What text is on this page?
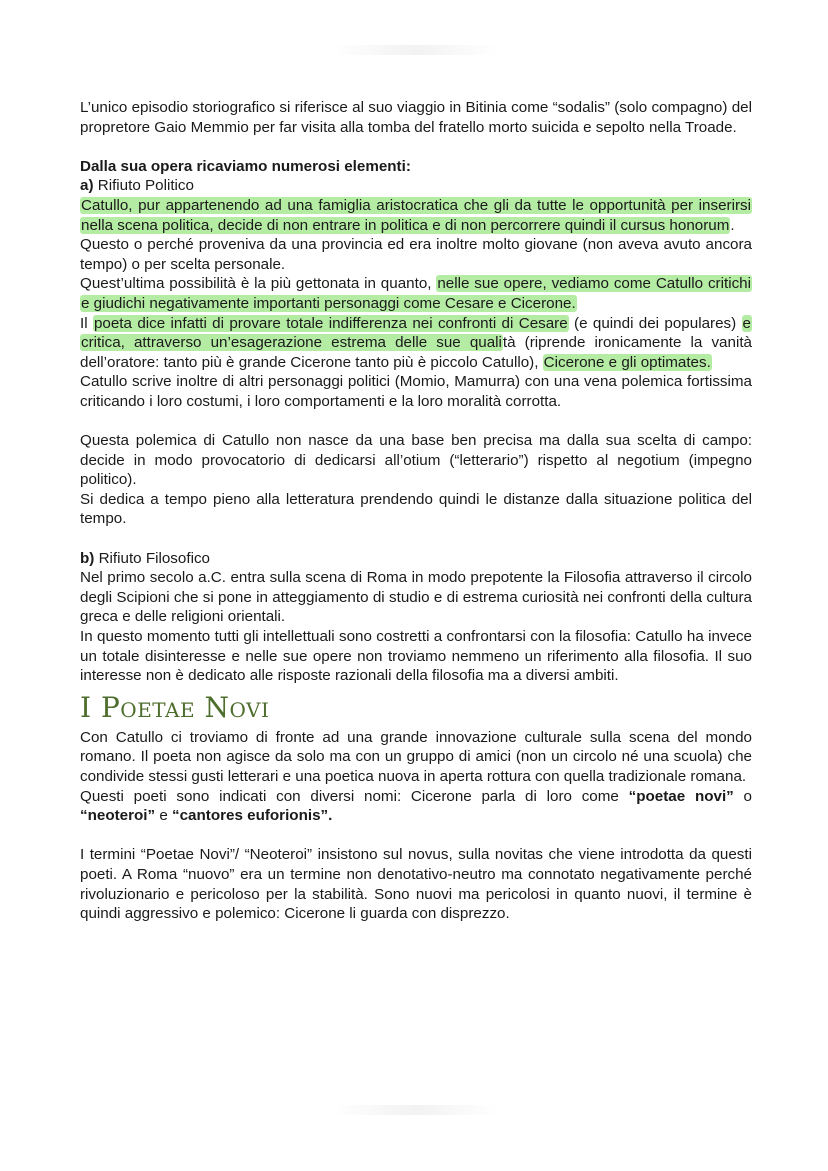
L’unico episodio storiografico si riferisce al suo viaggio in Bitinia come “sodalis” (solo compagno) del propretore Gaio Memmio per far visita alla tomba del fratello morto suicida e sepolto nella Troade.

Dalla sua opera ricaviamo numerosi elementi:

a) Rifiuto Politico

Catullo, pur appartenendo ad una famiglia aristocratica che gli da tutte le opportunità per inserirsi nella scena politica, decide di non entrare in politica e di non percorrere quindi il cursus honorum.

Questo o perché proveniva da una provincia ed era inoltre molto giovane (non aveva avuto ancora tempo) o per scelta personale.

Quest’ultima possibilità è la più gettonata in quanto, nelle sue opere, vediamo come Catullo critichi e giudichi negativamente importanti personaggi come Cesare e Cicerone.

Il poeta dice infatti di provare totale indifferenza nei confronti di Cesare (e quindi dei populares) e critica, attraverso un’esagerazione estrema delle sue qualità (riprende ironicamente la vanità dell’oratore: tanto più è grande Cicerone tanto più è piccolo Catullo), Cicerone e gli optimates.

Catullo scrive inoltre di altri personaggi politici (Momio, Mamurra) con una vena polemica fortissima criticando i loro costumi, i loro comportamenti e la loro moralità corrotta.

Questa polemica di Catullo non nasce da una base ben precisa ma dalla sua scelta di campo: decide in modo provocatorio di dedicarsi all’otium (“letterario”) rispetto al negotium (impegno politico).

Si dedica a tempo pieno alla letteratura prendendo quindi le distanze dalla situazione politica del tempo.

b) Rifiuto Filosofico

Nel primo secolo a.C. entra sulla scena di Roma in modo prepotente la Filosofia attraverso il circolo degli Scipioni che si pone in atteggiamento di studio e di estrema curiosità nei confronti della cultura greca e delle religioni orientali.

In questo momento tutti gli intellettuali sono costretti a confrontarsi con la filosofia: Catullo ha invece un totale disinteresse e nelle sue opere non troviamo nemmeno un riferimento alla filosofia. Il suo interesse non è dedicato alle risposte razionali della filosofia ma a diversi ambiti.

I Poetae Novi

Con Catullo ci troviamo di fronte ad una grande innovazione culturale sulla scena del mondo romano. Il poeta non agisce da solo ma con un gruppo di amici (non un circolo né una scuola) che condivide stessi gusti letterari e una poetica nuova in aperta rottura con quella tradizionale romana.

Questi poeti sono indicati con diversi nomi: Cicerone parla di loro come “poetae novi” o “neoteroi” e “cantores euforionis”.

I termini “Poetae Novi”/ “Neoteroi” insistono sul novus, sulla novitas che viene introdotta da questi poeti. A Roma “nuovo” era un termine non denotativo-neutro ma connotato negativamente perché rivoluzionario e pericoloso per la stabilità. Sono nuovi ma pericolosi in quanto nuovi, il termine è quindi aggressivo e polemico: Cicerone li guarda con disprezzo.
